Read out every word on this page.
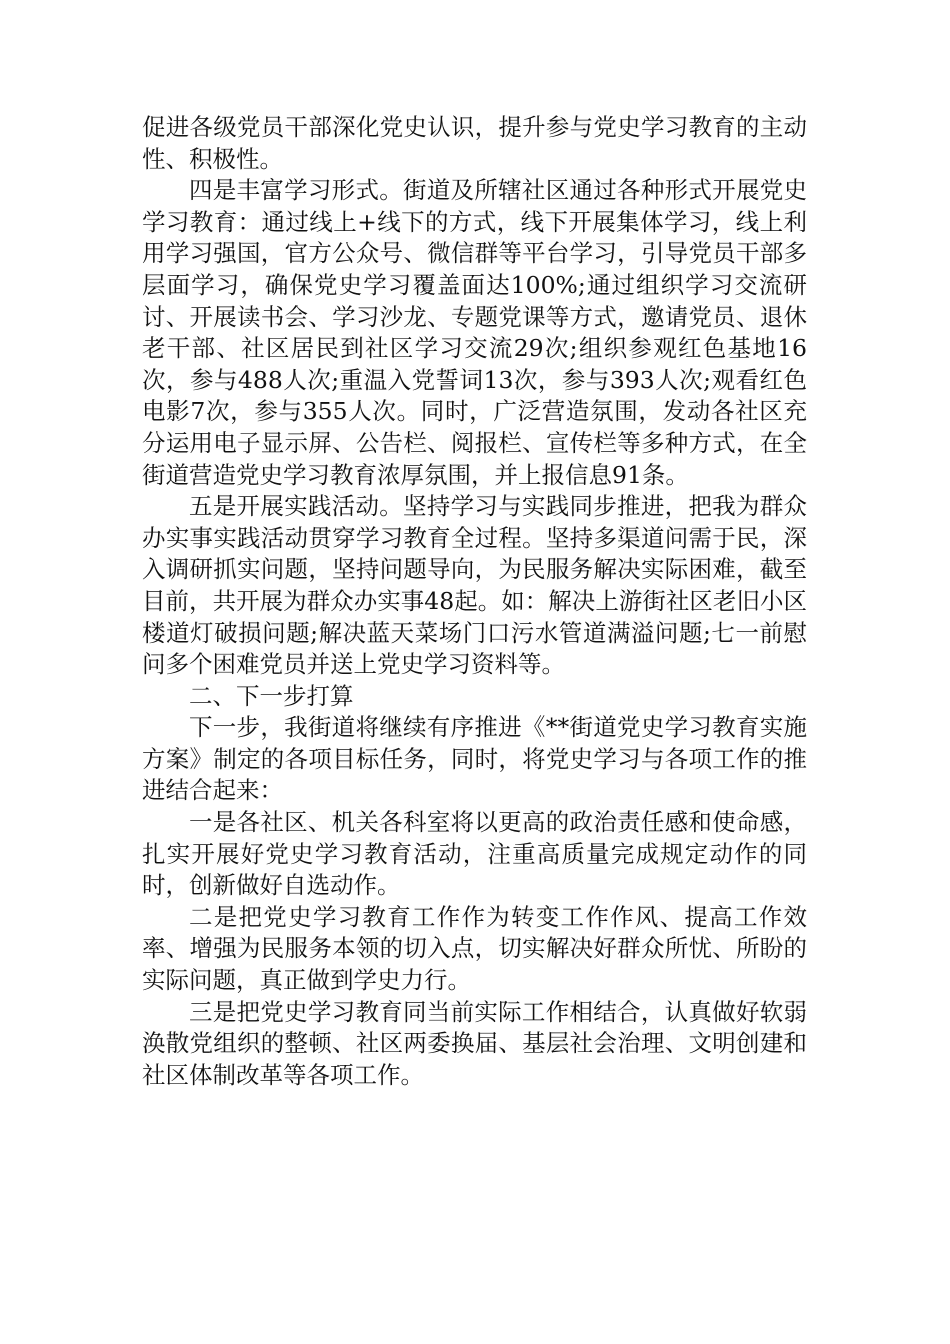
促进各级党员干部深化党史认识，提升参与党史学习教育的主动性、积极性。

四是丰富学习形式。街道及所辖社区通过各种形式开展党史学习教育：通过线上+线下的方式，线下开展集体学习，线上利用学习强国，官方公众号、微信群等平台学习，引导党员干部多层面学习，确保党史学习覆盖面达100%;通过组织学习交流研讨、开展读书会、学习沙龙、专题党课等方式，邀请党员、退休老干部、社区居民到社区学习交流29次;组织参观红色基地16次，参与488人次;重温入党誓词13次，参与393人次;观看红色电影7次，参与355人次。同时，广泛营造氛围，发动各社区充分运用电子显示屏、公告栏、阅报栏、宣传栏等多种方式，在全街道营造党史学习教育浓厚氛围，并上报信息91条。

五是开展实践活动。坚持学习与实践同步推进，把我为群众办实事实践活动贯穿学习教育全过程。坚持多渠道问需于民，深入调研抓实问题，坚持问题导向，为民服务解决实际困难，截至目前，共开展为群众办实事48起。如：解决上游街社区老旧小区楼道灯破损问题;解决蓝天菜场门口污水管道满溢问题;七一前慰问多个困难党员并送上党史学习资料等。

二、下一步打算

下一步，我街道将继续有序推进《**街道党史学习教育实施方案》制定的各项目标任务，同时，将党史学习与各项工作的推进结合起来：

一是各社区、机关各科室将以更高的政治责任感和使命感，扎实开展好党史学习教育活动，注重高质量完成规定动作的同时，创新做好自选动作。

二是把党史学习教育工作作为转变工作作风、提高工作效率、增强为民服务本领的切入点，切实解决好群众所忧、所盼的实际问题，真正做到学史力行。

三是把党史学习教育同当前实际工作相结合，认真做好软弱涣散党组织的整顿、社区两委换届、基层社会治理、文明创建和社区体制改革等各项工作。
